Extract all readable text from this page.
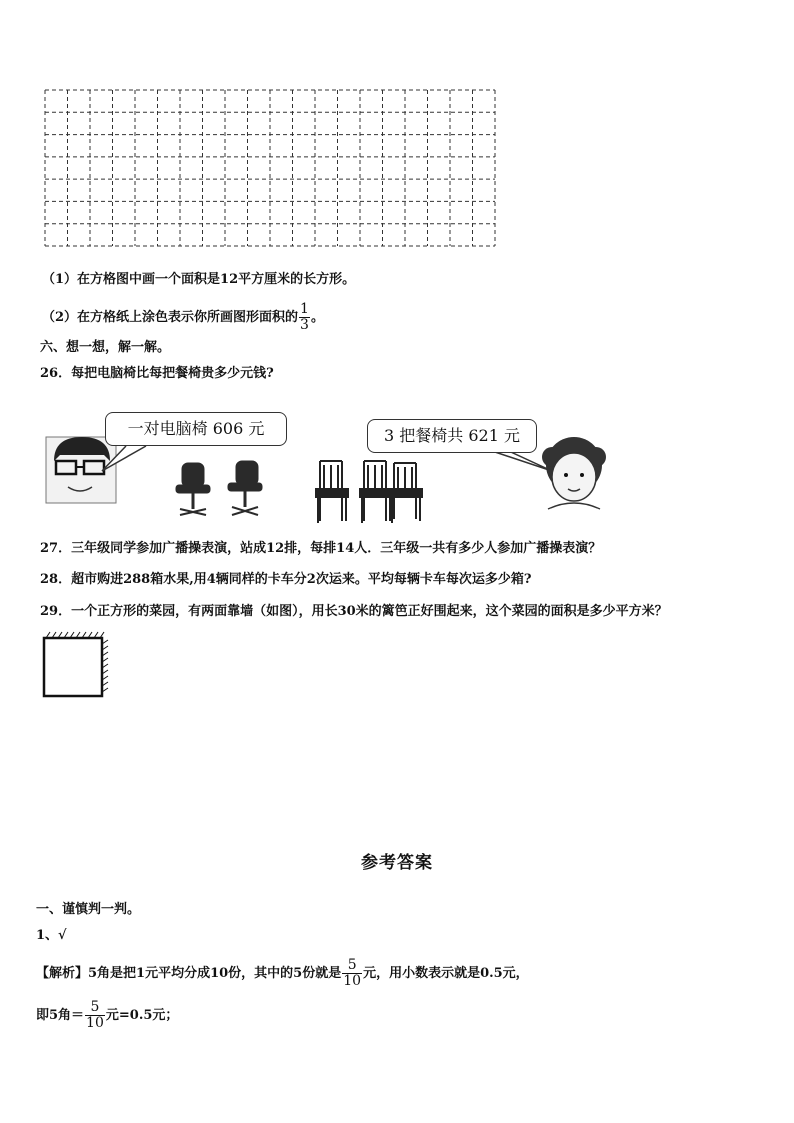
（1）在方格图中画一个面积是12平方厘米的长方形。
（2）在方格纸上涂色表示你所画图形面积的 $\frac{1}{3}$ 。
六、想一想，解一解。
26．每把电脑椅比每把餐椅贵多少元钱?
一对电脑椅 606 元	3 把餐椅共 621 元
27．三年级同学参加广播操表演，站成12排，每排14人．三年级一共有多少人参加广播操表演？
28．超市购进288箱水果,用4辆同样的卡车分2次运来。平均每辆卡车每次运多少箱?
29．一个正方形的菜园，有两面靠墙（如图），用长30米的篱笆正好围起来，这个菜园的面积是多少平方米？
参考答案
一、谨慎判一判。
1、√
【解析】5角是把1元平均分成10份，其中的5份就是 $\frac{5}{10}$ 元，用小数表示就是0.5元，
即5角＝ $\frac{5}{10}$ 元=0.5元；
